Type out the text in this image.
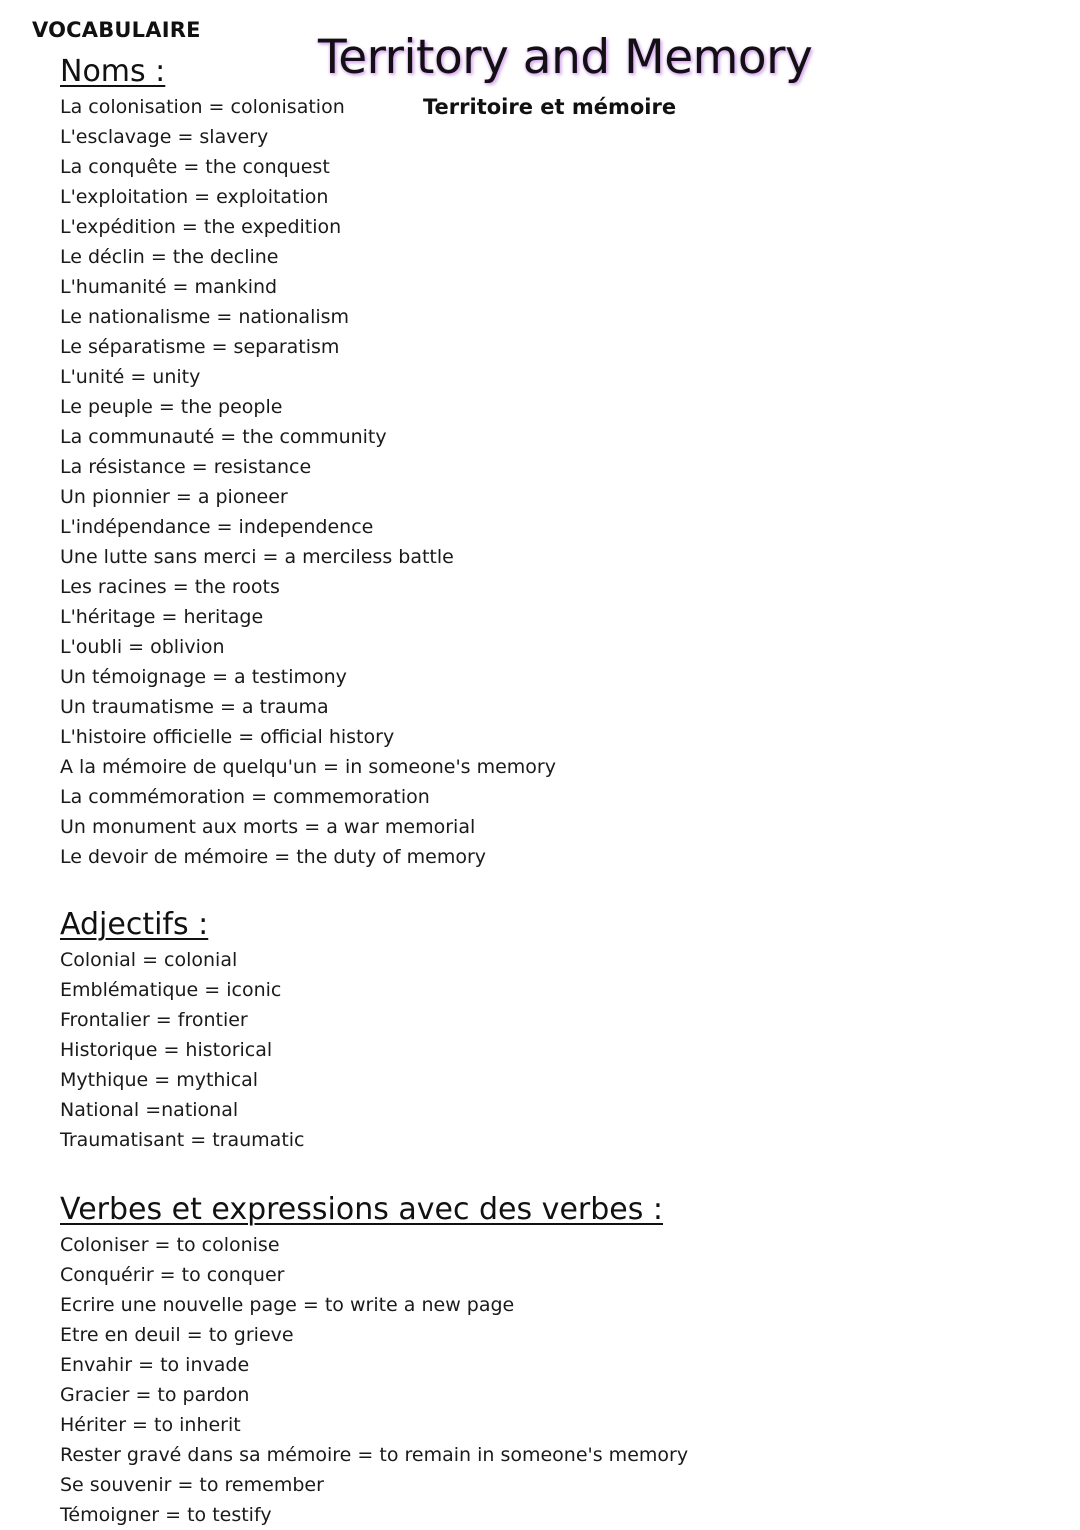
VOCABULAIRE Territory and Memory
Territoire et mémoire
Noms :
La colonisation = colonisation
L'esclavage = slavery
La conquête = the conquest
L'exploitation = exploitation
L'expédition = the expedition
Le déclin = the decline
L'humanité = mankind
Le nationalisme = nationalism
Le séparatisme = separatism
L'unité = unity
Le peuple = the people
La communauté = the community
La résistance = resistance
Un pionnier = a pioneer
L'indépendance = independence
Une lutte sans merci = a merciless battle
Les racines = the roots
L'héritage = heritage
L'oubli = oblivion
Un témoignage = a testimony
Un traumatisme = a trauma
L'histoire officielle = official history
A la mémoire de quelqu'un = in someone's memory
La commémoration = commemoration
Un monument aux morts = a war memorial
Le devoir de mémoire = the duty of memory
Adjectifs :
Colonial = colonial
Emblématique = iconic
Frontalier = frontier
Historique = historical
Mythique = mythical
National =national
Traumatisant = traumatic
Verbes et expressions avec des verbes :
Coloniser = to colonise
Conquérir = to conquer
Ecrire une nouvelle page = to write a new page
Etre en deuil = to grieve
Envahir = to invade
Gracier = to pardon
Hériter = to inherit
Rester gravé dans sa mémoire = to remain in someone's memory
Se souvenir = to remember
Témoigner = to testify
